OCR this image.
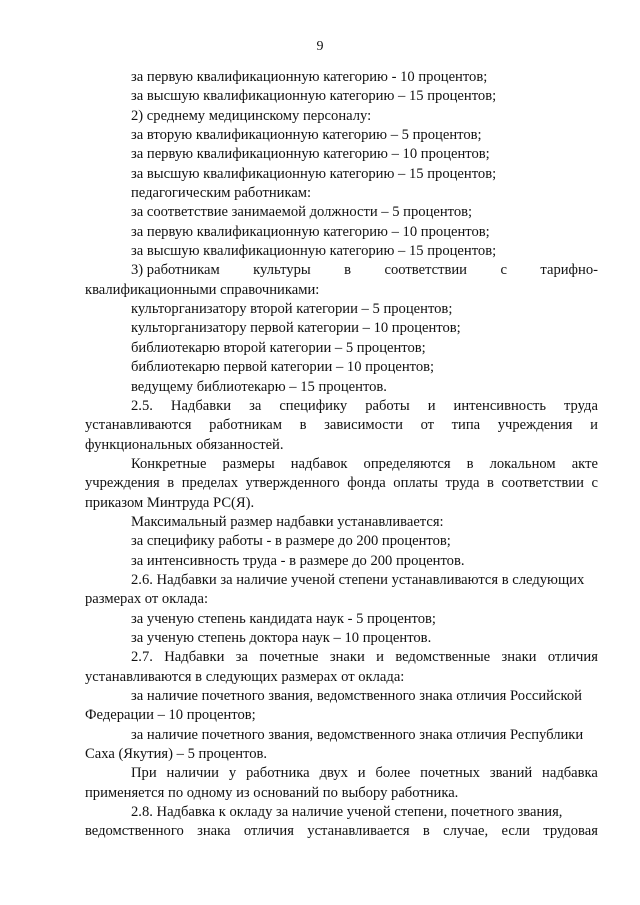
9
за первую квалификационную категорию - 10 процентов;
за высшую квалификационную категорию – 15 процентов;
2) среднему медицинскому персоналу:
за вторую квалификационную категорию – 5 процентов;
за первую квалификационную категорию – 10 процентов;
за высшую квалификационную категорию – 15 процентов;
педагогическим работникам:
за соответствие занимаемой должности – 5 процентов;
за первую квалификационную категорию – 10 процентов;
за высшую квалификационную категорию – 15 процентов;
3) работникам культуры в соответствии с тарифно-
квалификационными справочниками:
культорганизатору второй категории – 5 процентов;
культорганизатору первой категории – 10 процентов;
библиотекарю второй категории – 5 процентов;
библиотекарю первой категории – 10 процентов;
ведущему библиотекарю – 15 процентов.
2.5. Надбавки за специфику работы и интенсивность труда
устанавливаются работникам в зависимости от типа учреждения и
функциональных обязанностей.
Конкретные размеры надбавок определяются в локальном акте
учреждения в пределах утвержденного фонда оплаты труда в соответствии с
приказом Минтруда РС(Я).
Максимальный размер надбавки устанавливается:
за специфику работы - в размере до 200 процентов;
за интенсивность труда - в размере до 200 процентов.
2.6. Надбавки за наличие ученой степени устанавливаются в следующих
размерах от оклада:
за ученую степень кандидата наук - 5 процентов;
за ученую степень доктора наук – 10 процентов.
2.7. Надбавки за почетные знаки и ведомственные знаки отличия
устанавливаются в следующих размерах от оклада:
за наличие почетного звания, ведомственного знака отличия Российской
Федерации – 10 процентов;
за наличие почетного звания, ведомственного знака отличия Республики
Саха (Якутия) – 5 процентов.
При наличии у работника двух и более почетных званий надбавка
применяется по одному из оснований по выбору работника.
2.8. Надбавка к окладу за наличие ученой степени, почетного звания,
ведомственного знака отличия устанавливается в случае, если трудовая
